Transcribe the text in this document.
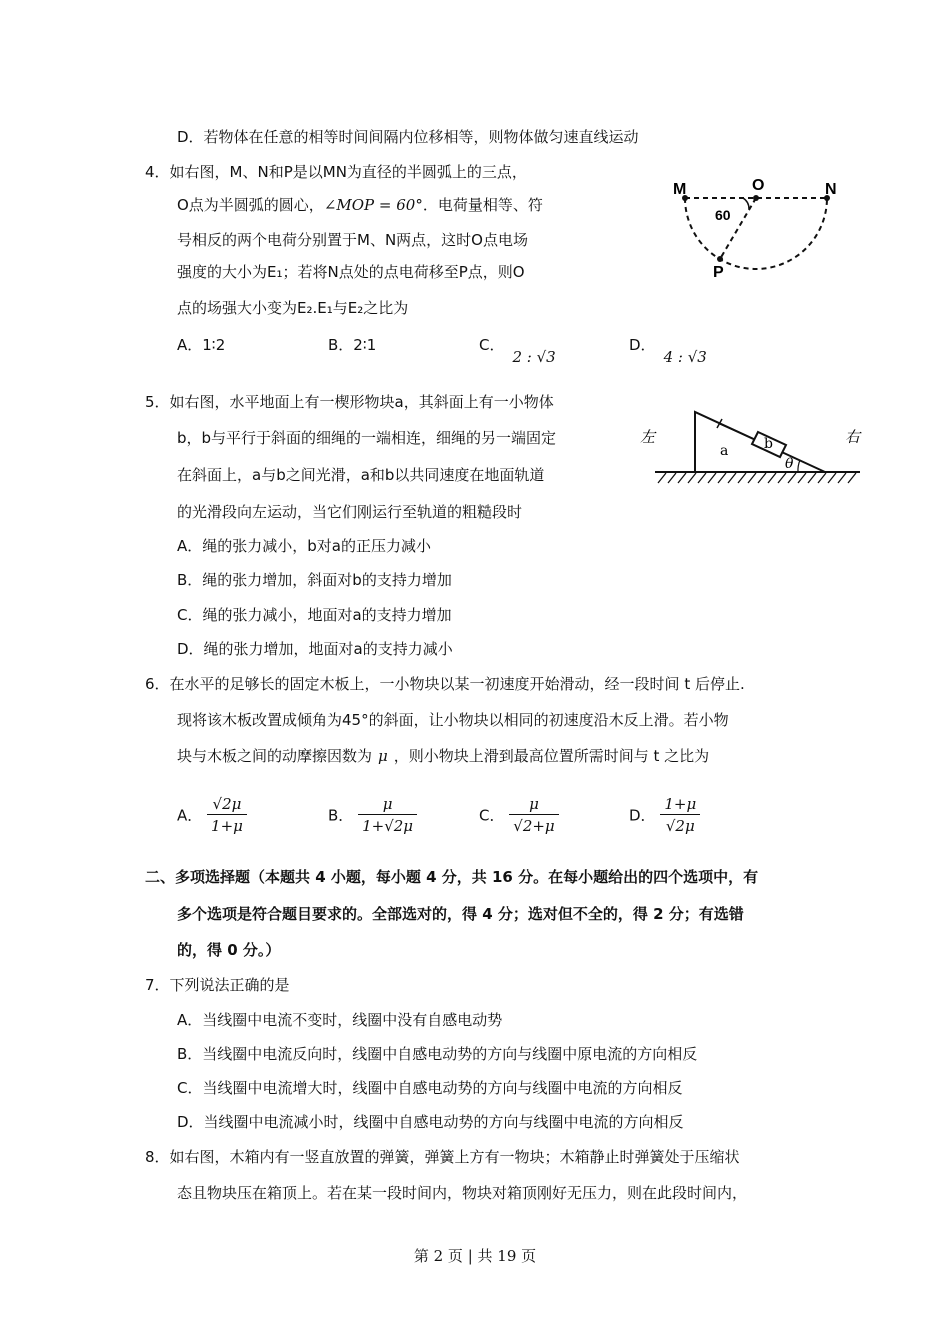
D．若物体在任意的相等时间间隔内位移相等，则物体做匀速直线运动
4．如右图，M、N和P是以MN为直径的半圆弧上的三点，
O点为半圆弧的圆心，∠MOP = 60°．电荷量相等、符
号相反的两个电荷分别置于M、N两点，这时O点电场
强度的大小为E₁；若将N点处的点电荷移至P点，则O
点的场强大小变为E₂.E₁与E₂之比为
A．1∶2	B．2∶1	C．2 : √3
D．4 : √3
M	O	N
P
60
5．如右图，水平地面上有一楔形物块a，其斜面上有一小物体
b，b与平行于斜面的细绳的一端相连，细绳的另一端固定
在斜面上，a与b之间光滑，a和b以共同速度在地面轨道
的光滑段向左运动，当它们刚运行至轨道的粗糙段时
A．绳的张力减小，b对a的正压力减小
B．绳的张力增加，斜面对b的支持力增加
C．绳的张力减小，地面对a的支持力增加
D．绳的张力增加，地面对a的支持力减小
左	右
a	b
θ
6．在水平的足够长的固定木板上，一小物块以某一初速度开始滑动，经一段时间 t 后停止.
现将该木板改置成倾角为45°的斜面，让小物块以相同的初速度沿木反上滑。若小物
块与木板之间的动摩擦因数为 μ ，则小物块上滑到最高位置所需时间与 t 之比为
A． $\frac{√2\mu}{1+\mu}$	B． $\frac{\mu}{1+√2\mu}$	C． $\frac{\mu}{√2+\mu}$	D． $\frac{1+\mu}{√2\mu}$
二、多项选择题（本题共 4 小题，每小题 4 分，共 16 分。在每小题给出的四个选项中，有
多个选项是符合题目要求的。全部选对的，得 4 分；选对但不全的，得 2 分；有选错
的，得 0 分。）
7．下列说法正确的是
A．当线圈中电流不变时，线圈中没有自感电动势
B．当线圈中电流反向时，线圈中自感电动势的方向与线圈中原电流的方向相反
C．当线圈中电流增大时，线圈中自感电动势的方向与线圈中电流的方向相反
D．当线圈中电流减小时，线圈中自感电动势的方向与线圈中电流的方向相反
8．如右图，木箱内有一竖直放置的弹簧，弹簧上方有一物块；木箱静止时弹簧处于压缩状
态且物块压在箱顶上。若在某一段时间内，物块对箱顶刚好无压力，则在此段时间内，
第 2 页 | 共 19 页
